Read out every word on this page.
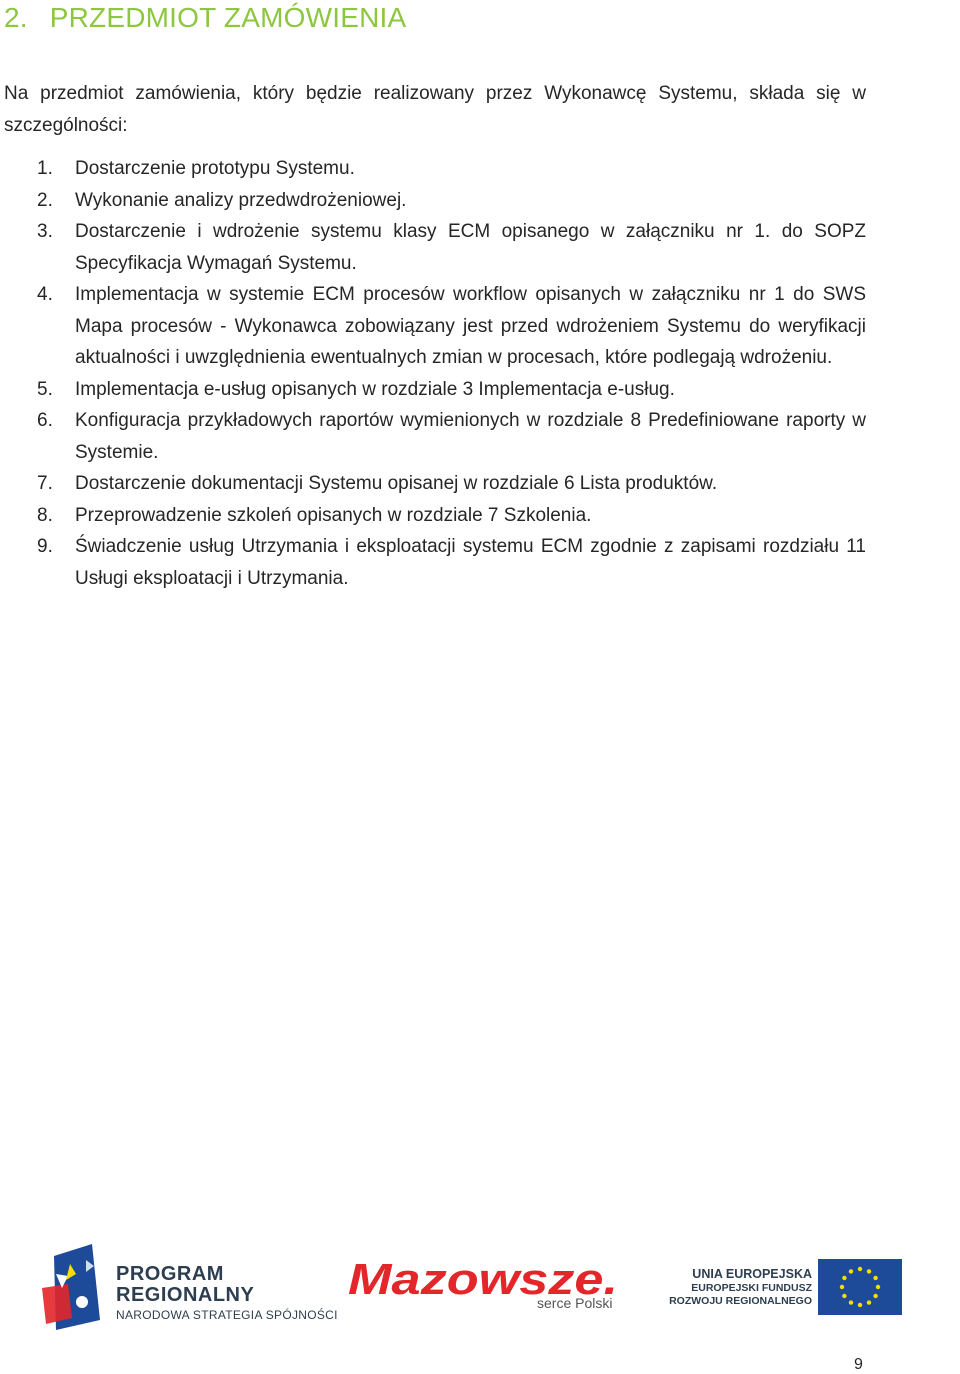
2. PRZEDMIOT ZAMÓWIENIA

Na przedmiot zamówienia, który będzie realizowany przez Wykonawcę Systemu, składa się w szczególności:

1. Dostarczenie prototypu Systemu.
2. Wykonanie analizy przedwdrożeniowej.
3. Dostarczenie i wdrożenie systemu klasy ECM opisanego w załączniku nr 1. do SOPZ Specyfikacja Wymagań Systemu.
4. Implementacja w systemie ECM procesów workflow opisanych w załączniku nr 1 do SWS Mapa procesów - Wykonawca zobowiązany jest przed wdrożeniem Systemu do weryfikacji aktualności i uwzględnienia ewentualnych zmian w procesach, które podlegają wdrożeniu.
5. Implementacja e-usług opisanych w rozdziale 3 Implementacja e-usług.
6. Konfiguracja przykładowych raportów wymienionych w rozdziale 8 Predefiniowane raporty w Systemie.
7. Dostarczenie dokumentacji Systemu opisanej w rozdziale 6 Lista produktów.
8. Przeprowadzenie szkoleń opisanych w rozdziale 7 Szkolenia.
9. Świadczenie usług Utrzymania i eksploatacji systemu ECM zgodnie z zapisami rozdziału 11 Usługi eksploatacji i Utrzymania.
PROGRAM
REGIONALNY
NARODOWA STRATEGIA SPÓJNOŚCI
Mazowsze.
serce Polski
UNIA EUROPEJSKA
EUROPEJSKI FUNDUSZ
ROZWOJU REGIONALNEGO
9
